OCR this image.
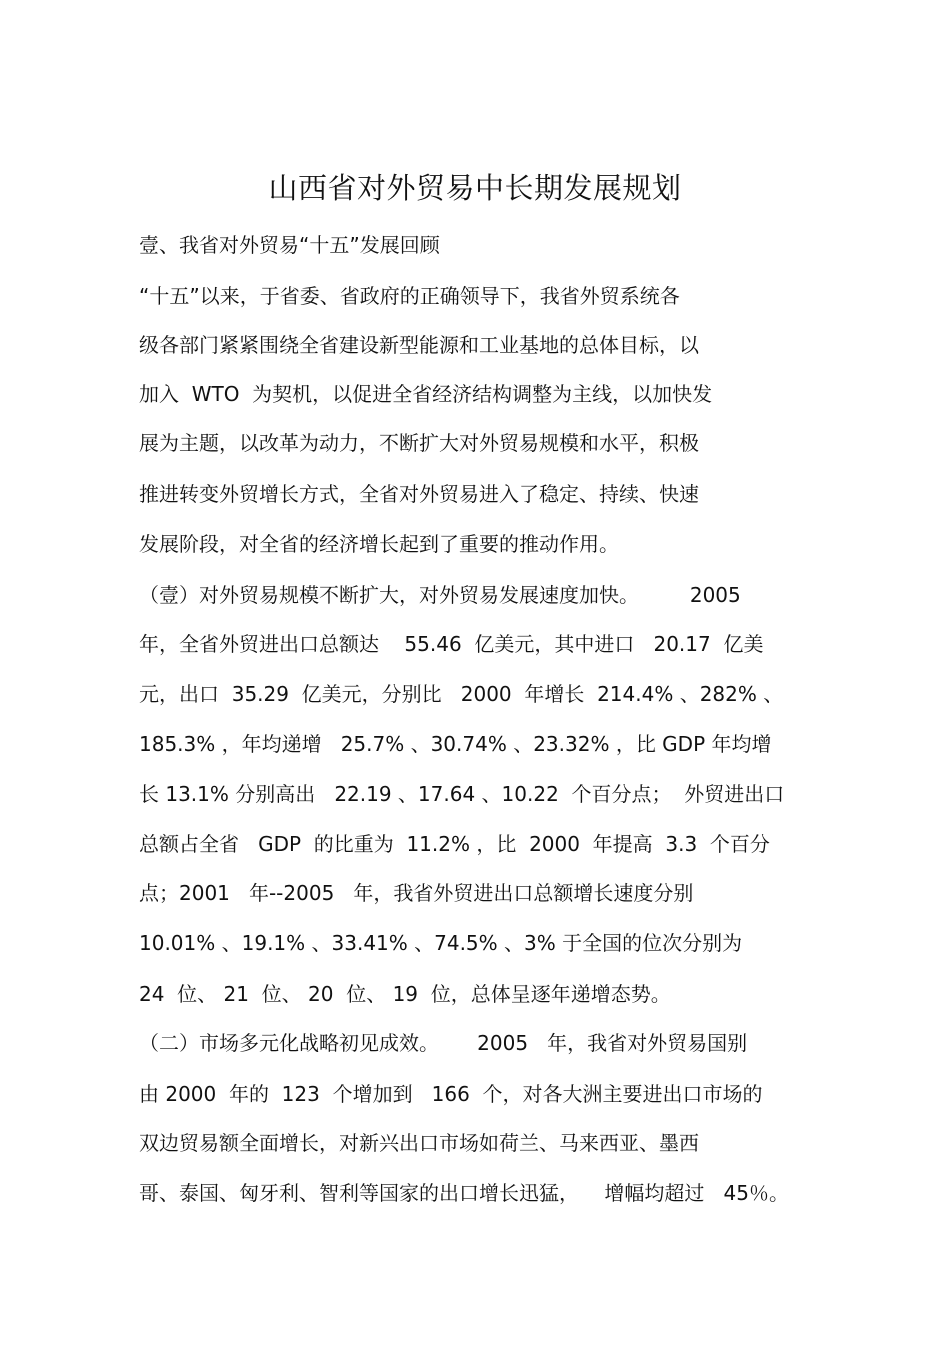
山西省对外贸易中长期发展规划
壹、我省对外贸易“十五”发展回顾
“十五”以来，于省委、省政府的正确领导下，我省外贸系统各
级各部门紧紧围绕全省建设新型能源和工业基地的总体目标，以
加入  WTO  为契机，以促进全省经济结构调整为主线，以加快发
展为主题，以改革为动力，不断扩大对外贸易规模和水平，积极
推进转变外贸增长方式，全省对外贸易进入了稳定、持续、快速
发展阶段，对全省的经济增长起到了重要的推动作用。
（壹）对外贸易规模不断扩大，对外贸易发展速度加快。        2005
年，全省外贸进出口总额达    55.46  亿美元，其中进口   20.17  亿美
元，出口  35.29  亿美元，分别比   2000  年增长  214.4% 、282% 、
185.3% ，年均递增   25.7% 、30.74% 、23.32% ，比 GDP 年均增
长 13.1% 分别高出   22.19 、17.64 、10.22  个百分点；  外贸进出口
总额占全省   GDP  的比重为  11.2% ，比  2000  年提高  3.3  个百分
点；2001   年--2005   年，我省外贸进出口总额增长速度分别
10.01% 、19.1% 、33.41% 、74.5% 、3% 于全国的位次分别为
24  位、 21  位、 20  位、 19  位，总体呈逐年递增态势。
（二）市场多元化战略初见成效。      2005   年，我省对外贸易国别
由 2000  年的  123  个增加到   166  个，对各大洲主要进出口市场的
双边贸易额全面增长，对新兴出口市场如荷兰、马来西亚、墨西
哥、泰国、匈牙利、智利等国家的出口增长迅猛，    增幅均超过   45％。
